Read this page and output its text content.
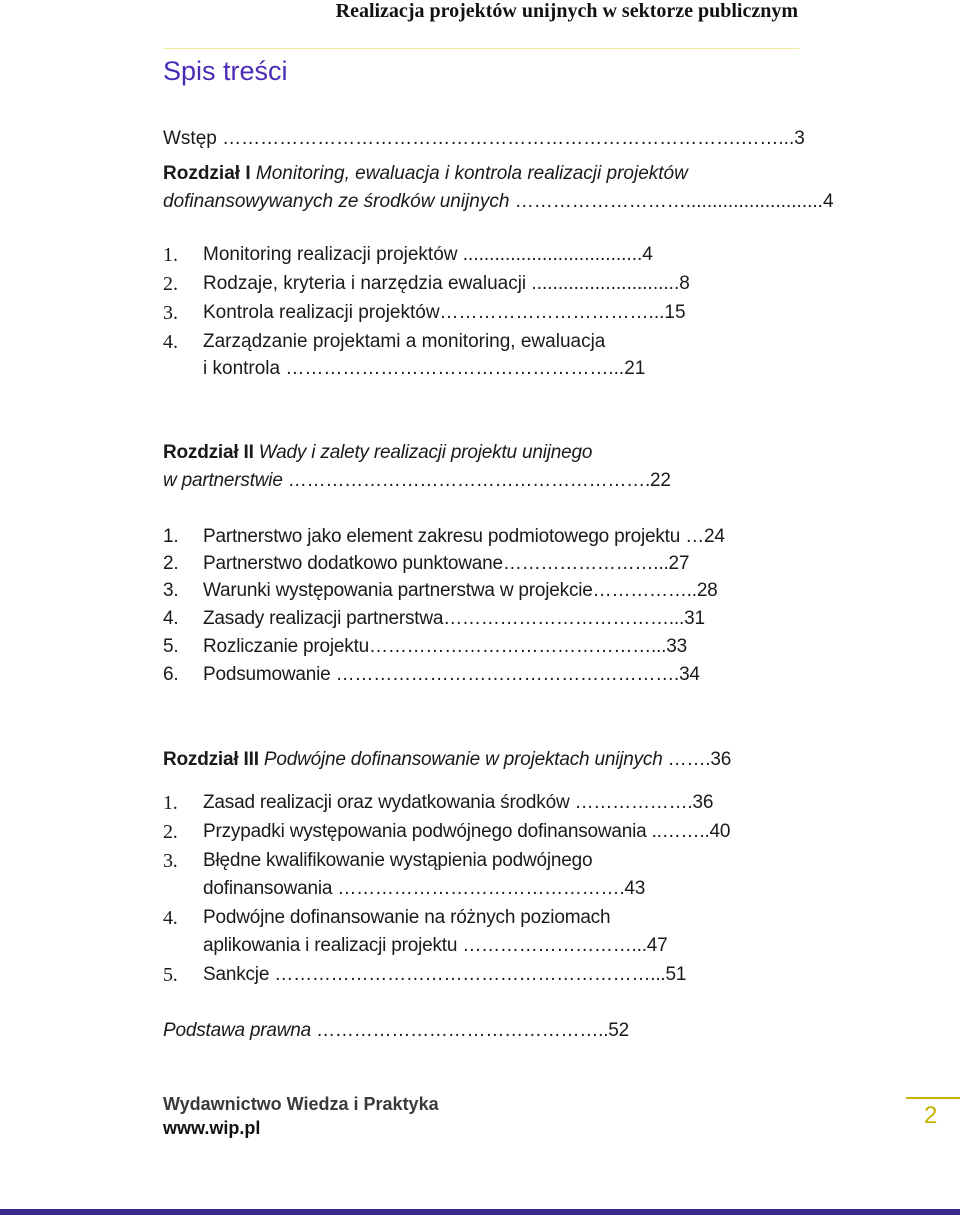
Realizacja projektów unijnych w sektorze publicznym
Spis treści
Wstęp ……………………………………………………………………….……...3
Rozdział I Monitoring, ewaluacja i kontrola realizacji projektów
dofinansowywanych ze środków unijnych ………………………..........................4
1. Monitoring realizacji projektów ..................................4
2. Rodzaje, kryteria i narzędzia ewaluacji ............................8
3. Kontrola realizacji projektów……………………………...15
4. Zarządzanie projektami a monitoring, ewaluacja
i kontrola ……………………………………………...21
Rozdział II Wady i zalety realizacji projektu unijnego
w partnerstwie ………………………………………………….22
1. Partnerstwo jako element zakresu podmiotowego projektu …24
2. Partnerstwo dodatkowo punktowane……………………...27
3. Warunki występowania partnerstwa w projekcie……………..28
4. Zasady realizacji partnerstwa………………………………...31
5. Rozliczanie projektu………………………………………...33
6. Podsumowanie ……………………………………………….34
Rozdział III Podwójne dofinansowanie w projektach unijnych …….36
1. Zasad realizacji oraz wydatkowania środków ……………….36
2. Przypadki występowania podwójnego dofinansowania ..……..40
3. Błędne kwalifikowanie wystąpienia podwójnego
dofinansowania ……………………………………….43
4. Podwójne dofinansowanie na różnych poziomach
aplikowania i realizacji projektu ………………………...47
5. Sankcje ……………………………………………………...51
Podstawa prawna ………………………………………..52
Wydawnictwo Wiedza i Praktyka
www.wip.pl	2
